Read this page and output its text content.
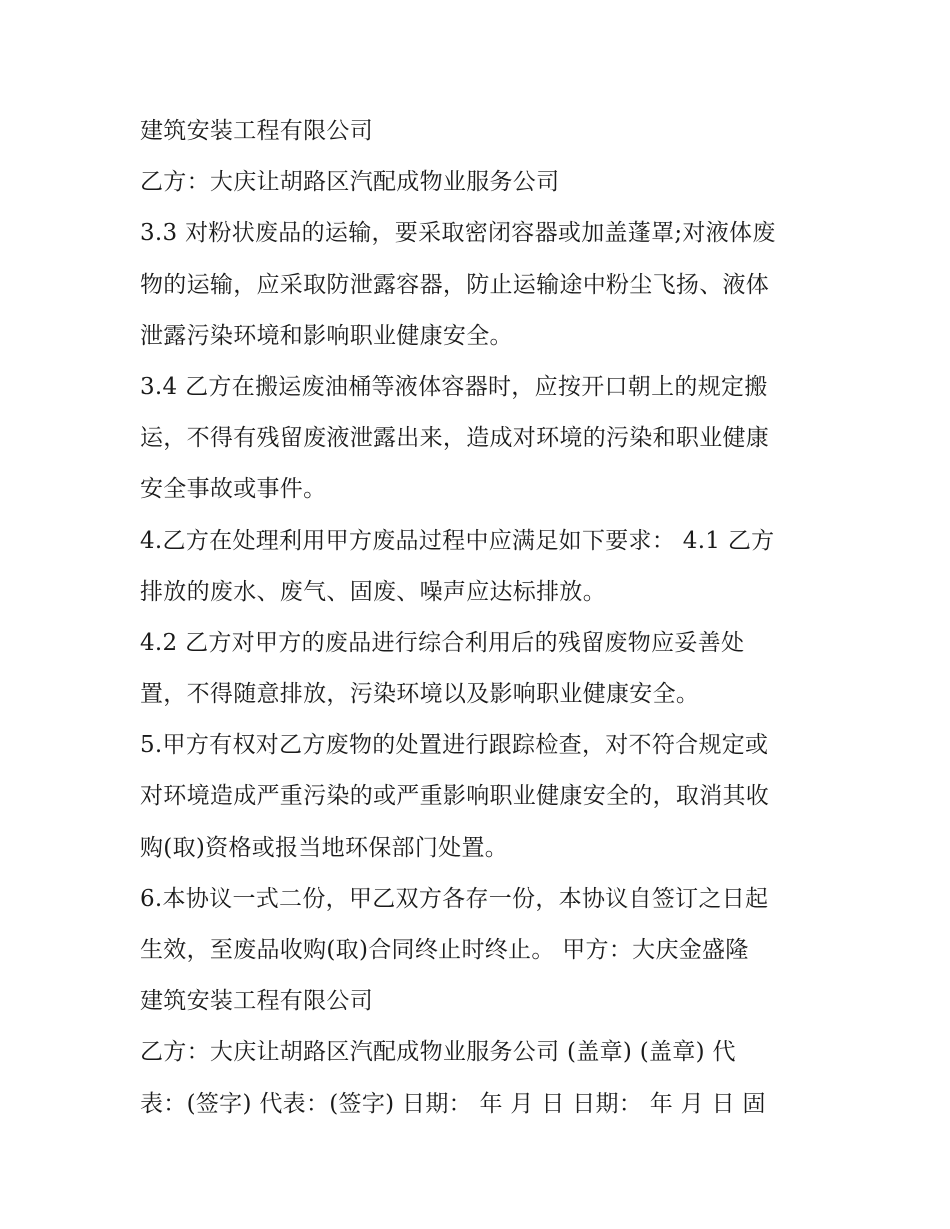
建筑安装工程有限公司
乙方：大庆让胡路区汽配成物业服务公司
3.3 对粉状废品的运输，要采取密闭容器或加盖蓬罩;对液体废
物的运输，应采取防泄露容器，防止运输途中粉尘飞扬、液体
泄露污染环境和影响职业健康安全。
3.4 乙方在搬运废油桶等液体容器时，应按开口朝上的规定搬
运，不得有残留废液泄露出来，造成对环境的污染和职业健康
安全事故或事件。
4.乙方在处理利用甲方废品过程中应满足如下要求： 4.1 乙方
排放的废水、废气、固废、噪声应达标排放。
4.2 乙方对甲方的废品进行综合利用后的残留废物应妥善处
置，不得随意排放，污染环境以及影响职业健康安全。
5.甲方有权对乙方废物的处置进行跟踪检查，对不符合规定或
对环境造成严重污染的或严重影响职业健康安全的，取消其收
购(取)资格或报当地环保部门处置。
6.本协议一式二份，甲乙双方各存一份，本协议自签订之日起
生效，至废品收购(取)合同终止时终止。 甲方：大庆金盛隆
建筑安装工程有限公司
乙方：大庆让胡路区汽配成物业服务公司 (盖章) (盖章) 代
表：(签字) 代表：(签字) 日期： 年 月 日 日期： 年 月 日 固
